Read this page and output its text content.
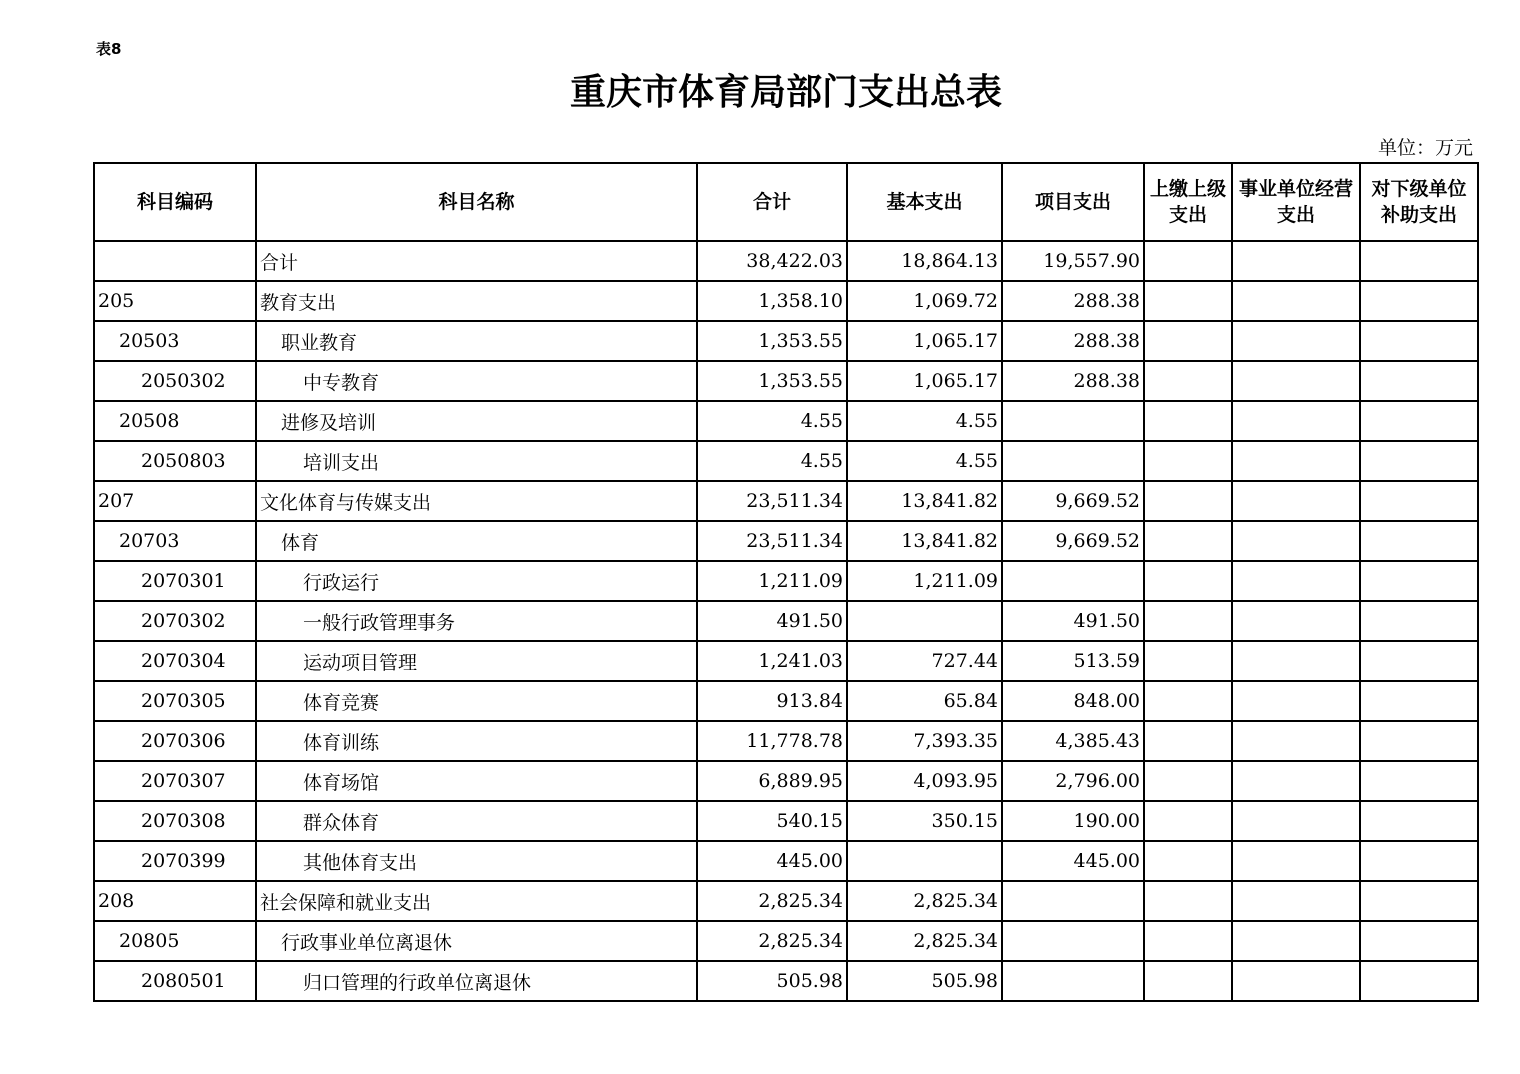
表8
重庆市体育局部门支出总表
单位：万元
科目编码	科目名称	合计	基本支出	项目支出	上缴上级支出	事业单位经营支出	对下级单位补助支出
	合计	38,422.03	18,864.13	19,557.90			
205	教育支出	1,358.10	1,069.72	288.38			
20503	职业教育	1,353.55	1,065.17	288.38			
2050302	中专教育	1,353.55	1,065.17	288.38			
20508	进修及培训	4.55	4.55				
2050803	培训支出	4.55	4.55				
207	文化体育与传媒支出	23,511.34	13,841.82	9,669.52			
20703	体育	23,511.34	13,841.82	9,669.52			
2070301	行政运行	1,211.09	1,211.09				
2070302	一般行政管理事务	491.50		491.50			
2070304	运动项目管理	1,241.03	727.44	513.59			
2070305	体育竞赛	913.84	65.84	848.00			
2070306	体育训练	11,778.78	7,393.35	4,385.43			
2070307	体育场馆	6,889.95	4,093.95	2,796.00			
2070308	群众体育	540.15	350.15	190.00			
2070399	其他体育支出	445.00		445.00			
208	社会保障和就业支出	2,825.34	2,825.34				
20805	行政事业单位离退休	2,825.34	2,825.34				
2080501	归口管理的行政单位离退休	505.98	505.98				
